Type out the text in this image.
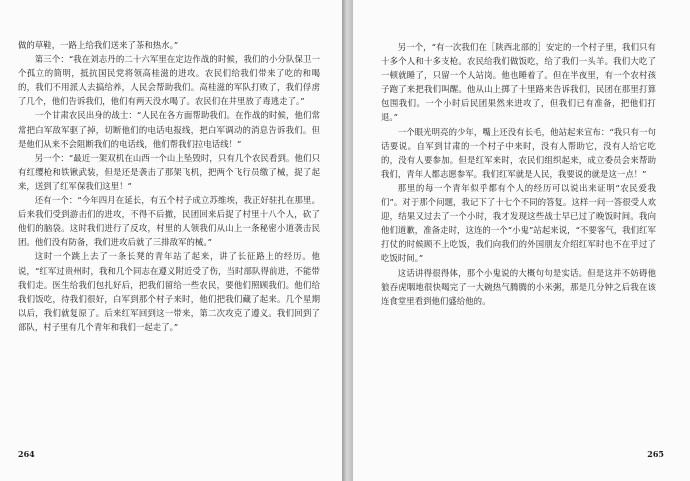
做的草鞋，一路上给我们送来了茶和热水。”

第三个：“我在刘志丹的二十六军里在定边作战的时候，我们的小分队保卫一个孤立的简明，抵抗国民党将领高桂滋的进攻。农民们给我们带来了吃的和喝的，我们不用派人去搞给养，人民会帮助我们。高桂滋的军队打败了，我们俘虏了几个，他们告诉我们，他们有两天没水喝了。农民们在井里放了毒逃走了。”

一个甘肃农民出身的战士：“人民在各方面帮助我们。在作战的时候，他们常常把白军敌军驱了掉，切断他们的电话电报线，把白军调动的消息告诉我们。但是他们从来不会阻断我们的电话线，他们帮我们拉电话线！”

另一个：“最近一架双机在山西一个山上坠毁时，只有几个农民看到。他们只有红缨枪和铁锹武装，但是还是袭击了那架飞机，把两个飞行员缴了械，捉了起来，送到了红军保我们这里！”

还有一个：“今年四月在延长，有五个村子成立苏维埃，我正好驻扎在那里。后来我们受到游击们的进攻，不得不后撤，民团回来后捉了村里十八个人，砍了他们的脑袋。这时我们进行了反攻，村里的人领我们从山上一条秘密小道袭击民团。他们没有防备，我们进攻后就了三排敌军的械。”

这时一个跳上去了一条长凳的青年站了起来，讲了长征路上的经历。他说，“红军过贵州时，我和几个同志在遵义附近受了伤，当时部队得前进，不能带我们走。医生给我们包扎好后，把我们留给一些农民，要他们照顾我们。他们给我们饭吃，待我们很好，白军到那个村子来时，他们把我们藏了起来。几个星期以后，我们就复原了。后来红军回到这一带来，第二次攻克了遵义。我们回到了部队，村子里有几个青年和我们一起走了。”

264

另一个，“有一次我们在［陕西北部的］安定的一个村子里，我们只有十多个人和十多支枪。农民给我们做饭吃，给了我们一头羊。我们大吃了一顿就睡了，只留一个人站岗。他也睡着了。但在半夜里，有一个农村孩子跑了来把我们叫醒。他从山上掷了十里路来告诉我们，民团在那里打算包围我们。一个小时后民团果然来进攻了，但我们已有准备，把他们打退。”

一个眼光明亮的少年，嘴上还没有长毛，他站起来宣布：“我只有一句话要说。自军到甘肃的一个村子中来时，没有人帮助它，没有人给它吃的，没有人要参加。但是红军来时，农民们组织起来，成立委员会来帮助我们，青年人都志愿参军。我们红军就是人民，我要说的就是这一点！”

那里的每一个青年似乎都有个人的经历可以说出来证明“农民爱我们”。对于那个问题，我记下了十七个不同的答复。这样一问一答很受人欢迎，结果又过去了一个小时，我才发现这些战士早已过了晚饭时间。我向他们道歉，准备走时，这连的一个“小鬼”站起来说，“不要客气，我们红军打仗的时候顾不上吃饭，我们向我们的外国朋友介绍红军时也不在乎过了吃饭时间。”

这话讲得很得体，那个小鬼说的大概句句是实话。但是这并不妨碍他狼吞虎咽地很快喝完了一大碗热气腾腾的小米粥，那是几分钟之后我在该连食堂里看到他们盛给他的。

265
